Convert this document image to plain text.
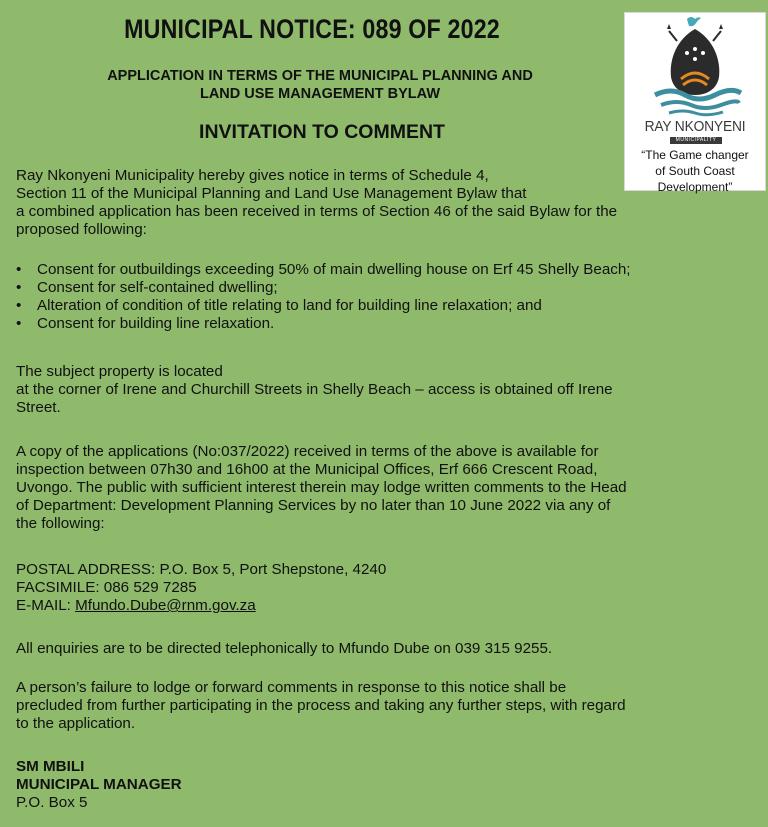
MUNICIPAL NOTICE: 089 OF 2022
APPLICATION IN TERMS OF THE MUNICIPAL PLANNING AND
LAND USE MANAGEMENT BYLAW
INVITATION TO COMMENT	RAY NKONYENI
MUNICIPALITY
“The Game changer
of South Coast
Development”
Ray Nkonyeni Municipality hereby gives notice in terms of Schedule 4,
Section 11 of the Municipal Planning and Land Use Management Bylaw that
a combined application has been received in terms of Section 46 of the said Bylaw for the
proposed following:
• Consent for outbuildings exceeding 50% of main dwelling house on Erf 45 Shelly Beach;
• Consent for self-contained dwelling;
• Alteration of condition of title relating to land for building line relaxation; and
• Consent for building line relaxation.
The subject property is located
at the corner of Irene and Churchill Streets in Shelly Beach – access is obtained off Irene
Street.
A copy of the applications (No:037/2022) received in terms of the above is available for
inspection between 07h30 and 16h00 at the Municipal Offices, Erf 666 Crescent Road,
Uvongo. The public with sufficient interest therein may lodge written comments to the Head
of Department: Development Planning Services by no later than 10 June 2022 via any of
the following:
POSTAL ADDRESS: P.O. Box 5, Port Shepstone, 4240
FACSIMILE: 086 529 7285
E-MAIL: Mfundo.Dube@rnm.gov.za
All enquiries are to be directed telephonically to Mfundo Dube on 039 315 9255.
A person’s failure to lodge or forward comments in response to this notice shall be
precluded from further participating in the process and taking any further steps, with regard
to the application.
SM MBILI
MUNICIPAL MANAGER
P.O. Box 5
